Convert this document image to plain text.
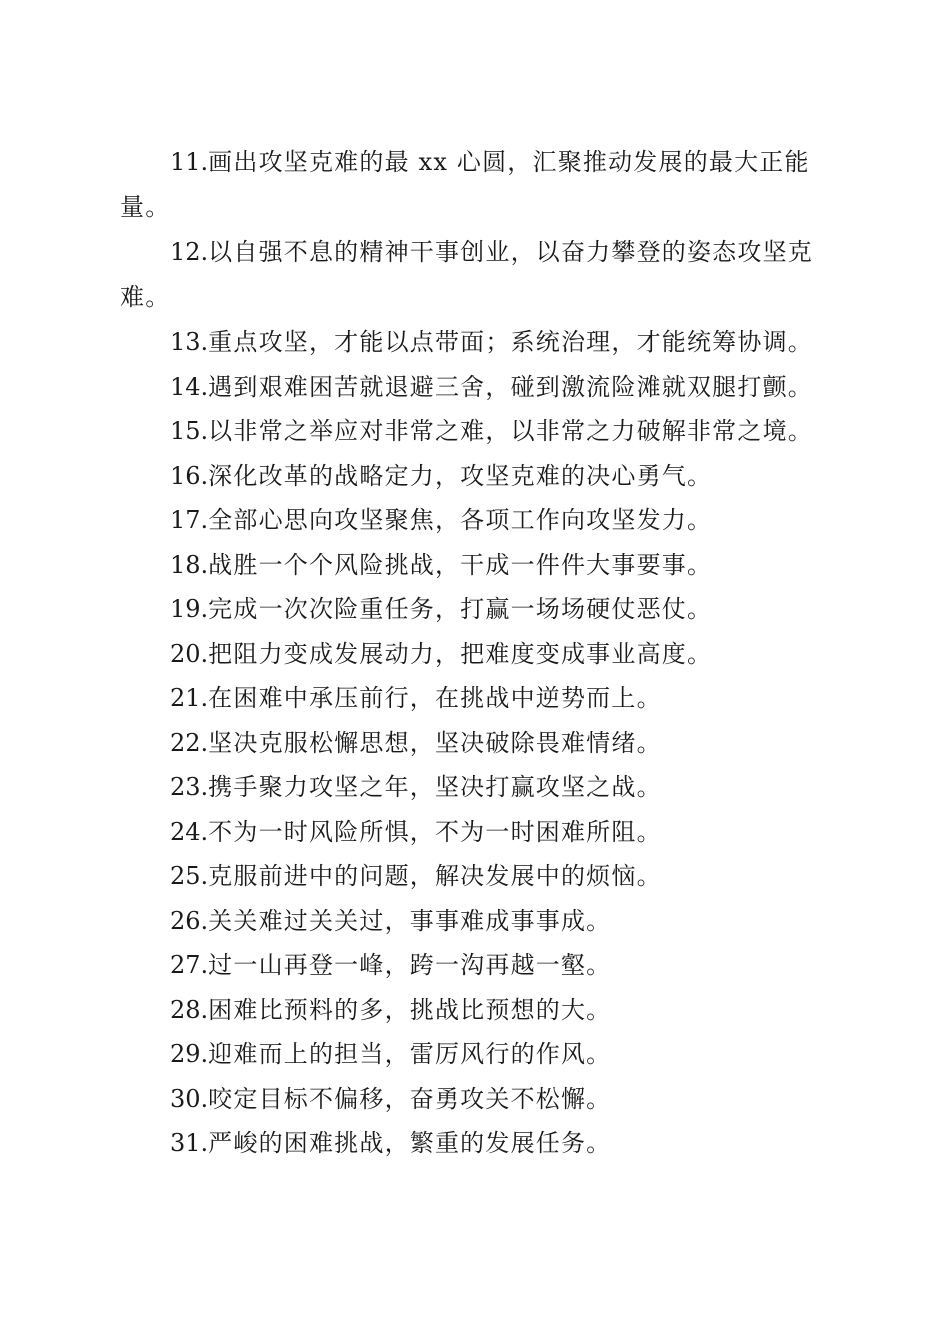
11.画出攻坚克难的最 xx 心圆，汇聚推动发展的最大正能量。

12.以自强不息的精神干事创业，以奋力攀登的姿态攻坚克难。

13.重点攻坚，才能以点带面；系统治理，才能统筹协调。

14.遇到艰难困苦就退避三舍，碰到激流险滩就双腿打颤。

15.以非常之举应对非常之难，以非常之力破解非常之境。

16.深化改革的战略定力，攻坚克难的决心勇气。

17.全部心思向攻坚聚焦，各项工作向攻坚发力。

18.战胜一个个风险挑战，干成一件件大事要事。

19.完成一次次险重任务，打赢一场场硬仗恶仗。

20.把阻力变成发展动力，把难度变成事业高度。

21.在困难中承压前行，在挑战中逆势而上。

22.坚决克服松懈思想，坚决破除畏难情绪。

23.携手聚力攻坚之年，坚决打赢攻坚之战。

24.不为一时风险所惧，不为一时困难所阻。

25.克服前进中的问题，解决发展中的烦恼。

26.关关难过关关过，事事难成事事成。

27.过一山再登一峰，跨一沟再越一壑。

28.困难比预料的多，挑战比预想的大。

29.迎难而上的担当，雷厉风行的作风。

30.咬定目标不偏移，奋勇攻关不松懈。

31.严峻的困难挑战，繁重的发展任务。
